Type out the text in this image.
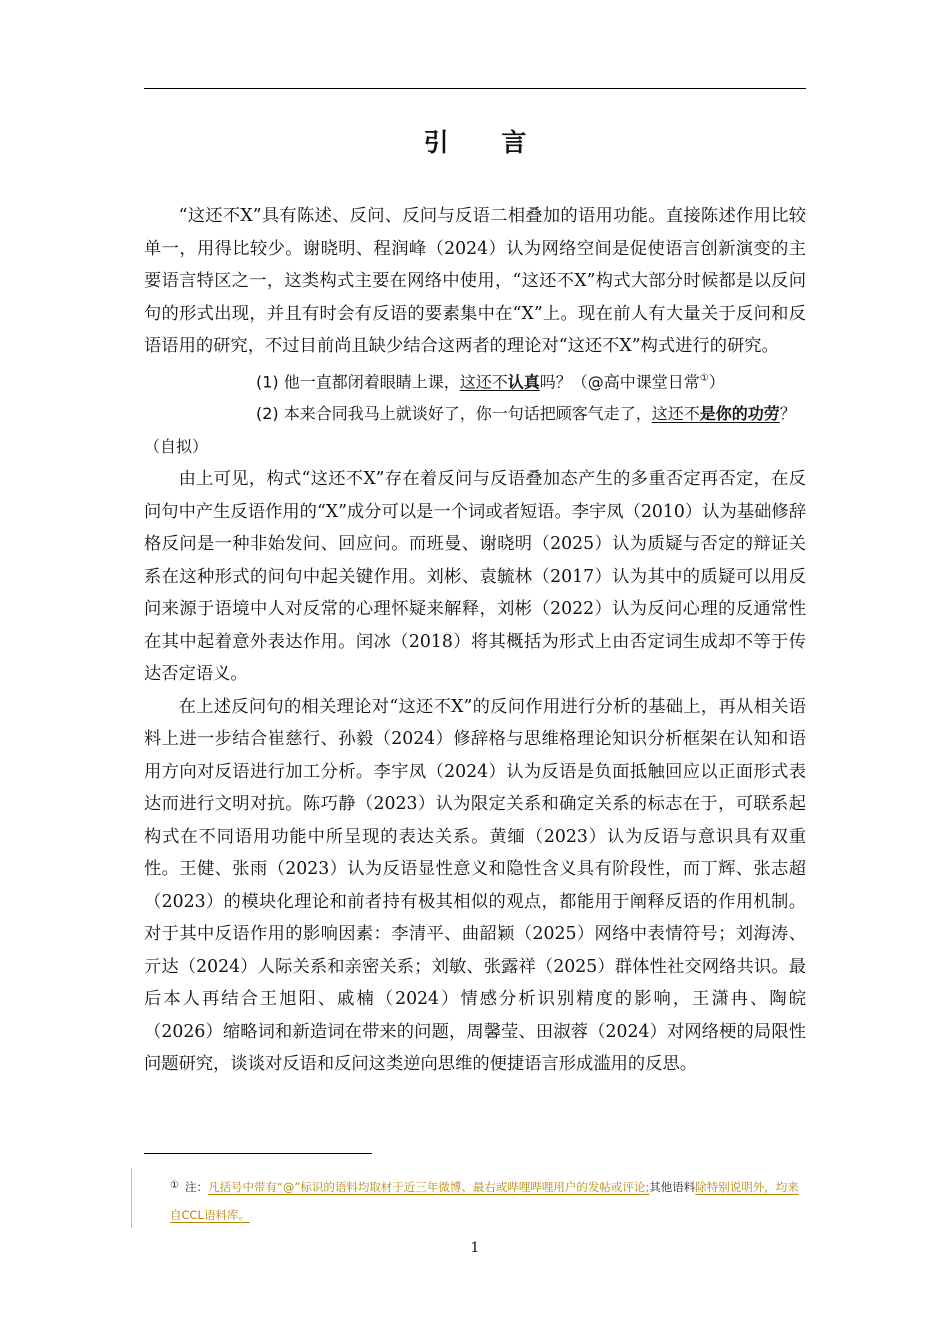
引 言

“这还不X”具有陈述、反问、反问与反语二相叠加的语用功能。直接陈述作用比较单一，用得比较少。谢晓明、程润峰（2024）认为网络空间是促使语言创新演变的主要语言特区之一，这类构式主要在网络中使用，“这还不X”构式大部分时候都是以反问句的形式出现，并且有时会有反语的要素集中在“X”上。现在前人有大量关于反问和反语语用的研究，不过目前尚且缺少结合这两者的理论对“这还不X”构式进行的研究。

(1) 他一直都闭着眼睛上课，这还不认真吗？（@高中课堂日常①）

(2) 本来合同我马上就谈好了，你一句话把顾客气走了，这还不是你的功劳？（自拟）

由上可见，构式“这还不X”存在着反问与反语叠加态产生的多重否定再否定，在反问句中产生反语作用的“X”成分可以是一个词或者短语。李宇凤（2010）认为基础修辞格反问是一种非始发问、回应问。而班曼、谢晓明（2025）认为质疑与否定的辩证关系在这种形式的问句中起关键作用。刘彬、袁毓林（2017）认为其中的质疑可以用反问来源于语境中人对反常的心理怀疑来解释，刘彬（2022）认为反问心理的反通常性在其中起着意外表达作用。闰冰（2018）将其概括为形式上由否定词生成却不等于传达否定语义。

在上述反问句的相关理论对“这还不X”的反问作用进行分析的基础上，再从相关语料上进一步结合崔慈行、孙毅（2024）修辞格与思维格理论知识分析框架在认知和语用方向对反语进行加工分析。李宇凤（2024）认为反语是负面抵触回应以正面形式表达而进行文明对抗。陈巧静（2023）认为限定关系和确定关系的标志在于，可联系起构式在不同语用功能中所呈现的表达关系。黄缅（2023）认为反语与意识具有双重性。王健、张雨（2023）认为反语显性意义和隐性含义具有阶段性，而丁辉、张志超（2023）的模块化理论和前者持有极其相似的观点，都能用于阐释反语的作用机制。对于其中反语作用的影响因素：李清平、曲韶颖（2025）网络中表情符号；刘海涛、亓达（2024）人际关系和亲密关系；刘敏、张露祥（2025）群体性社交网络共识。最后本人再结合王旭阳、戚楠（2024）情感分析识别精度的影响，王潇冉、陶皖（2026）缩略词和新造词在带来的问题，周馨莹、田淑蓉（2024）对网络梗的局限性问题研究，谈谈对反语和反问这类逆向思维的便捷语言形成滥用的反思。

① 注：凡括号中带有“@”标识的语料均取材于近三年微博、最右或哔哩哔哩用户的发帖或评论;其他语料除特别说明外，均来自CCL语料库。
1
